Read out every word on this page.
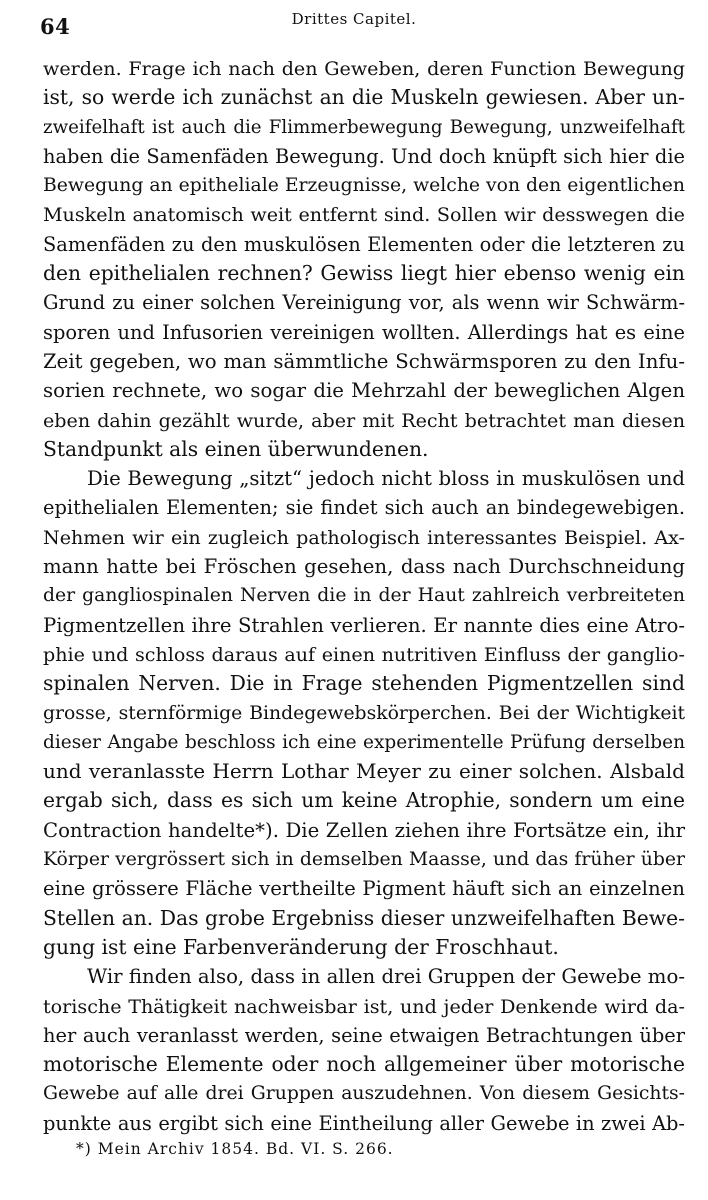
64	Drittes Capitel.
werden. Frage ich nach den Geweben, deren Function Bewegung
ist, so werde ich zunächst an die Muskeln gewiesen. Aber un-
zweifelhaft ist auch die Flimmerbewegung Bewegung, unzweifelhaft
haben die Samenfäden Bewegung. Und doch knüpft sich hier die
Bewegung an epitheliale Erzeugnisse, welche von den eigentlichen
Muskeln anatomisch weit entfernt sind. Sollen wir desswegen die
Samenfäden zu den muskulösen Elementen oder die letzteren zu
den epithelialen rechnen? Gewiss liegt hier ebenso wenig ein
Grund zu einer solchen Vereinigung vor, als wenn wir Schwärm-
sporen und Infusorien vereinigen wollten. Allerdings hat es eine
Zeit gegeben, wo man sämmtliche Schwärmsporen zu den Infu-
sorien rechnete, wo sogar die Mehrzahl der beweglichen Algen
eben dahin gezählt wurde, aber mit Recht betrachtet man diesen
Standpunkt als einen überwundenen.
Die Bewegung „sitzt“ jedoch nicht bloss in muskulösen und
epithelialen Elementen; sie findet sich auch an bindegewebigen.
Nehmen wir ein zugleich pathologisch interessantes Beispiel. Ax-
mann hatte bei Fröschen gesehen, dass nach Durchschneidung
der gangliospinalen Nerven die in der Haut zahlreich verbreiteten
Pigmentzellen ihre Strahlen verlieren. Er nannte dies eine Atro-
phie und schloss daraus auf einen nutritiven Einfluss der ganglio-
spinalen Nerven. Die in Frage stehenden Pigmentzellen sind
grosse, sternförmige Bindegewebskörperchen. Bei der Wichtigkeit
dieser Angabe beschloss ich eine experimentelle Prüfung derselben
und veranlasste Herrn Lothar Meyer zu einer solchen. Alsbald
ergab sich, dass es sich um keine Atrophie, sondern um eine
Contraction handelte*). Die Zellen ziehen ihre Fortsätze ein, ihr
Körper vergrössert sich in demselben Maasse, und das früher über
eine grössere Fläche vertheilte Pigment häuft sich an einzelnen
Stellen an. Das grobe Ergebniss dieser unzweifelhaften Bewe-
gung ist eine Farbenveränderung der Froschhaut.
Wir finden also, dass in allen drei Gruppen der Gewebe mo-
torische Thätigkeit nachweisbar ist, und jeder Denkende wird da-
her auch veranlasst werden, seine etwaigen Betrachtungen über
motorische Elemente oder noch allgemeiner über motorische
Gewebe auf alle drei Gruppen auszudehnen. Von diesem Gesichts-
punkte aus ergibt sich eine Eintheilung aller Gewebe in zwei Ab-
*) Mein Archiv 1854. Bd. VI. S. 266.
